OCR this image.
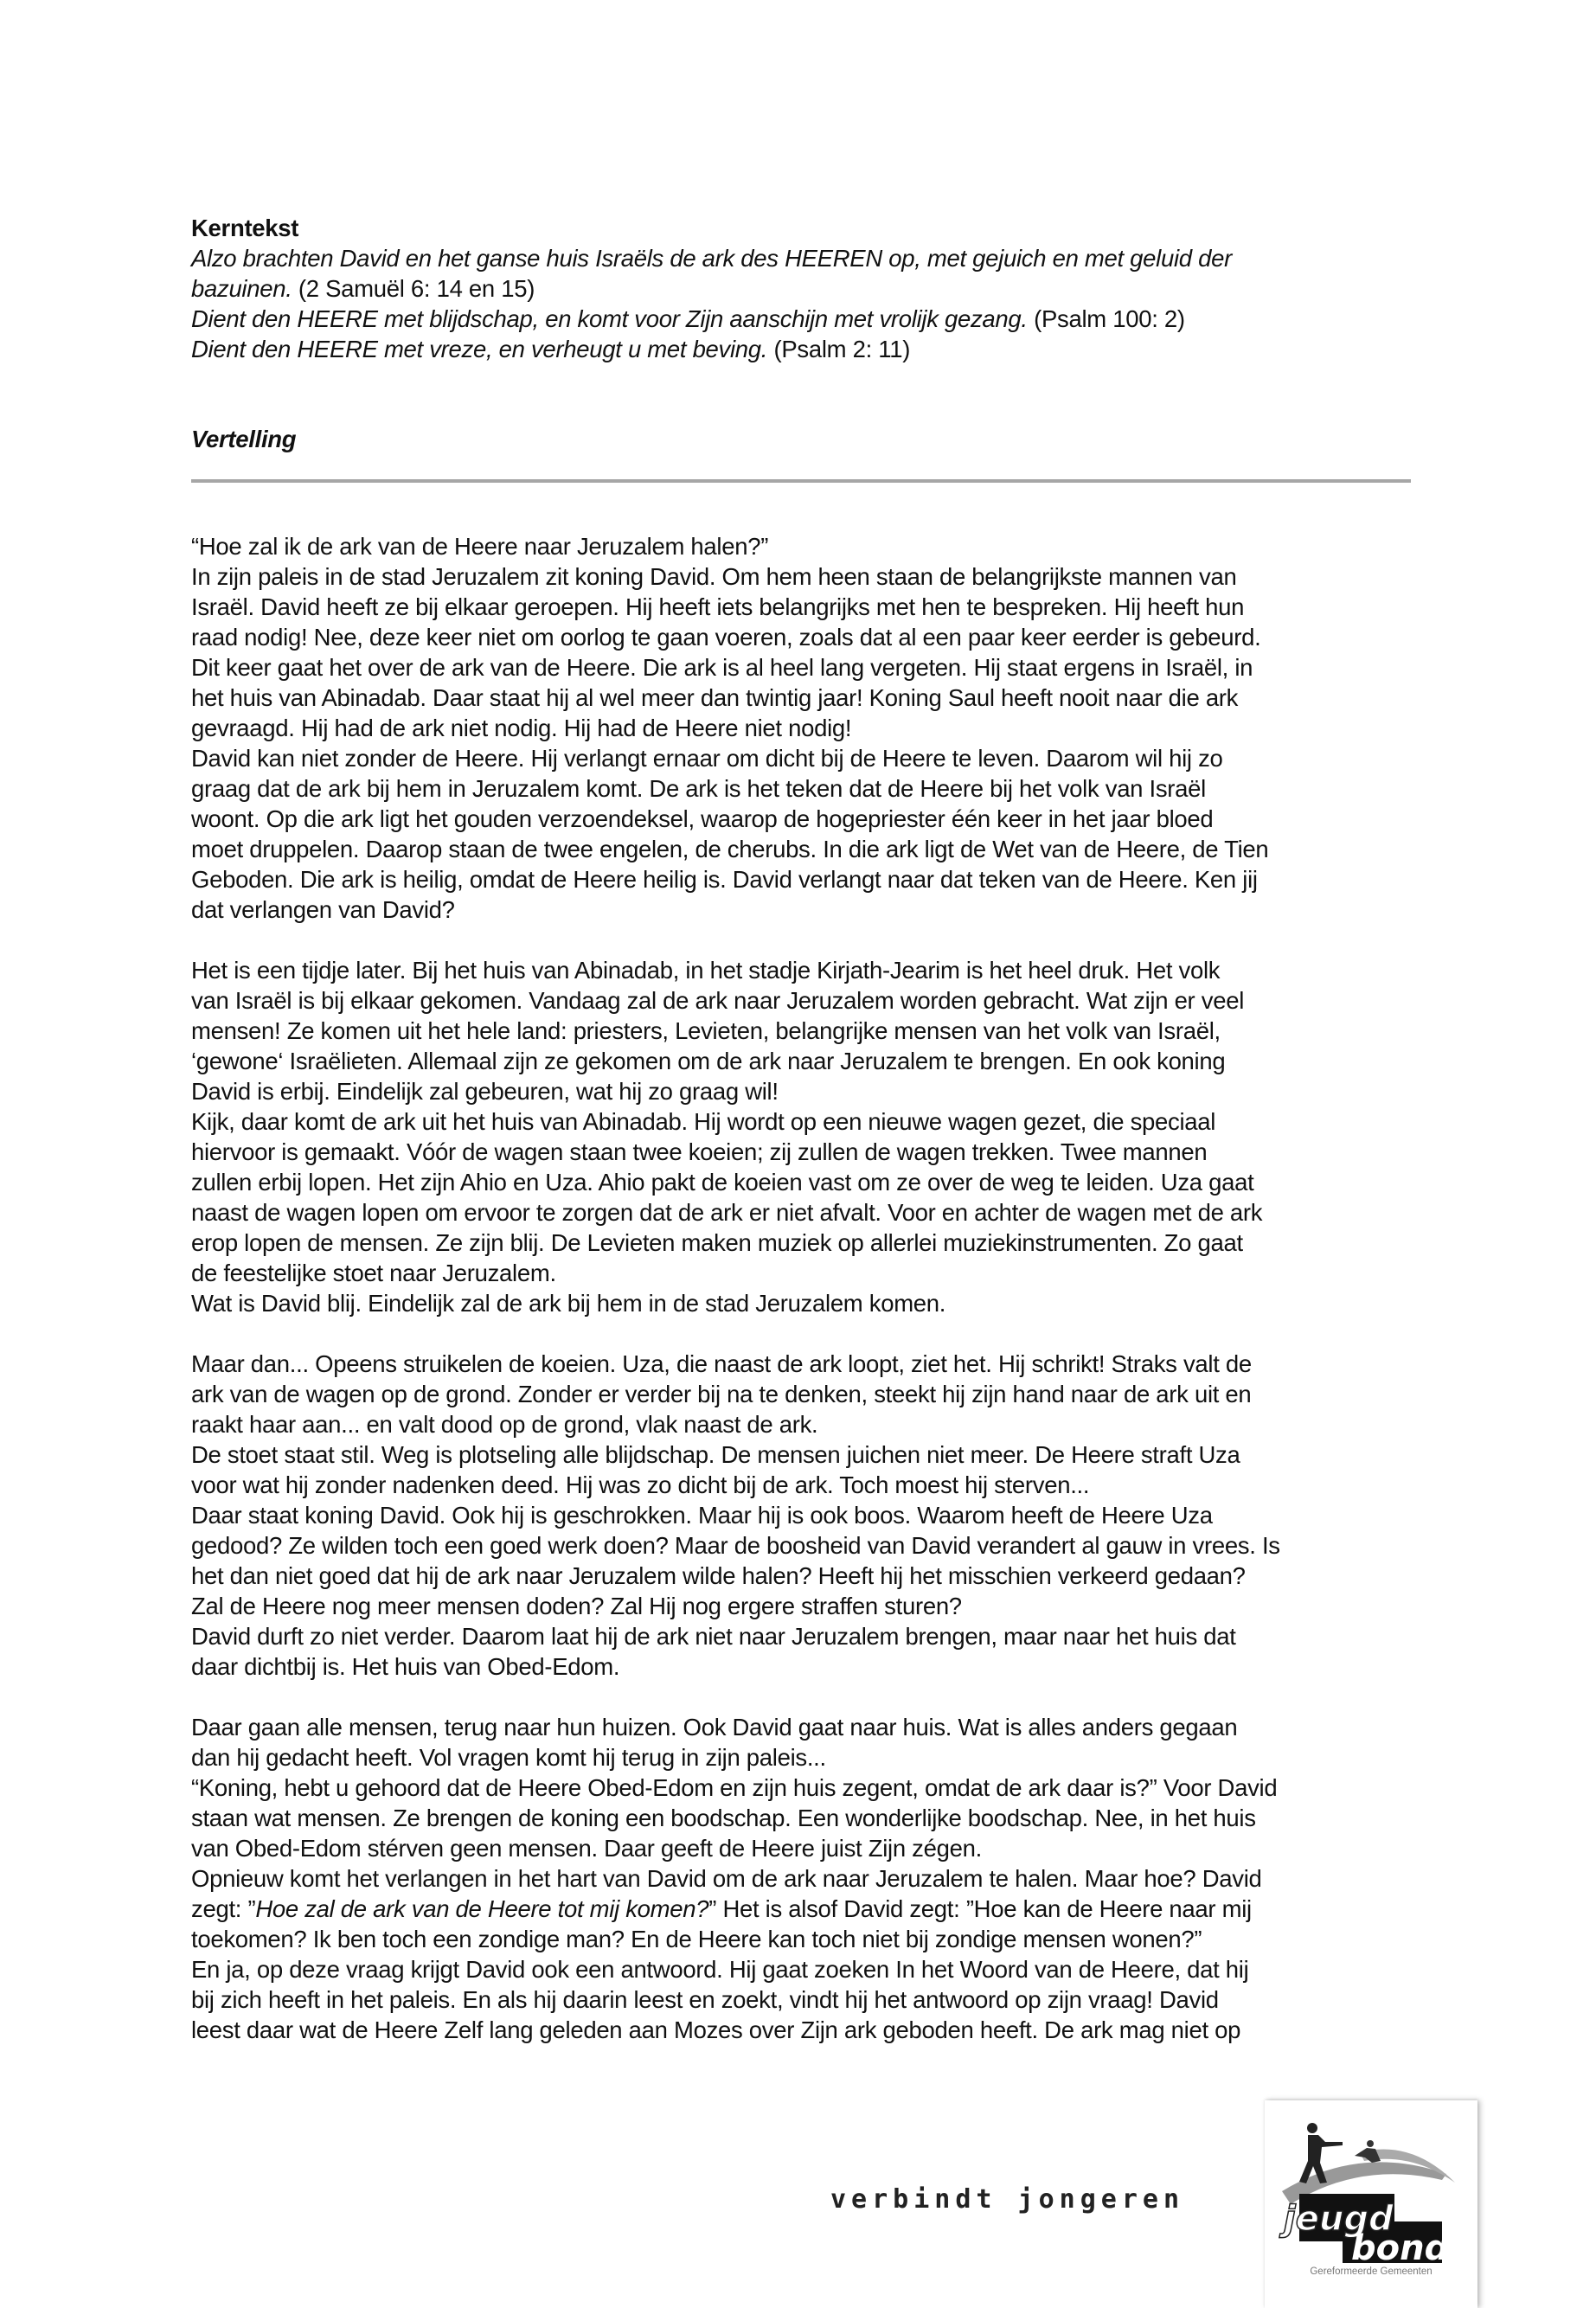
Kerntekst
Alzo brachten David en het ganse huis Israëls de ark des HEEREN op, met gejuich en met geluid der
bazuinen. (2 Samuël 6: 14 en 15)
Dient den HEERE met blijdschap, en komt voor Zijn aanschijn met vrolijk gezang. (Psalm 100: 2)
Dient den HEERE met vreze, en verheugt u met beving. (Psalm 2: 11)
Vertelling
“Hoe zal ik de ark van de Heere naar Jeruzalem halen?”
In zijn paleis in de stad Jeruzalem zit koning David. Om hem heen staan de belangrijkste mannen van
Israël. David heeft ze bij elkaar geroepen. Hij heeft iets belangrijks met hen te bespreken. Hij heeft hun
raad nodig! Nee, deze keer niet om oorlog te gaan voeren, zoals dat al een paar keer eerder is gebeurd.
Dit keer gaat het over de ark van de Heere. Die ark is al heel lang vergeten. Hij staat ergens in Israël, in
het huis van Abinadab. Daar staat hij al wel meer dan twintig jaar! Koning Saul heeft nooit naar die ark
gevraagd. Hij had de ark niet nodig. Hij had de Heere niet nodig!
David kan niet zonder de Heere. Hij verlangt ernaar om dicht bij de Heere te leven. Daarom wil hij zo
graag dat de ark bij hem in Jeruzalem komt. De ark is het teken dat de Heere bij het volk van Israël
woont. Op die ark ligt het gouden verzoendeksel, waarop de hogepriester één keer in het jaar bloed
moet druppelen. Daarop staan de twee engelen, de cherubs. In die ark ligt de Wet van de Heere, de Tien
Geboden. Die ark is heilig, omdat de Heere heilig is. David verlangt naar dat teken van de Heere. Ken jij
dat verlangen van David?
Het is een tijdje later. Bij het huis van Abinadab, in het stadje Kirjath-Jearim is het heel druk. Het volk
van Israël is bij elkaar gekomen. Vandaag zal de ark naar Jeruzalem worden gebracht. Wat zijn er veel
mensen! Ze komen uit het hele land: priesters, Levieten, belangrijke mensen van het volk van Israël,
‘gewone‘ Israëlieten. Allemaal zijn ze gekomen om de ark naar Jeruzalem te brengen. En ook koning
David is erbij. Eindelijk zal gebeuren, wat hij zo graag wil!
Kijk, daar komt de ark uit het huis van Abinadab. Hij wordt op een nieuwe wagen gezet, die speciaal
hiervoor is gemaakt. Vóór de wagen staan twee koeien; zij zullen de wagen trekken. Twee mannen
zullen erbij lopen. Het zijn Ahio en Uza. Ahio pakt de koeien vast om ze over de weg te leiden. Uza gaat
naast de wagen lopen om ervoor te zorgen dat de ark er niet afvalt. Voor en achter de wagen met de ark
erop lopen de mensen. Ze zijn blij. De Levieten maken muziek op allerlei muziekinstrumenten. Zo gaat
de feestelijke stoet naar Jeruzalem.
Wat is David blij. Eindelijk zal de ark bij hem in de stad Jeruzalem komen.
Maar dan... Opeens struikelen de koeien. Uza, die naast de ark loopt, ziet het. Hij schrikt! Straks valt de
ark van de wagen op de grond. Zonder er verder bij na te denken, steekt hij zijn hand naar de ark uit en
raakt haar aan... en valt dood op de grond, vlak naast de ark.
De stoet staat stil. Weg is plotseling alle blijdschap. De mensen juichen niet meer. De Heere straft Uza
voor wat hij zonder nadenken deed. Hij was zo dicht bij de ark. Toch moest hij sterven...
Daar staat koning David. Ook hij is geschrokken. Maar hij is ook boos. Waarom heeft de Heere Uza
gedood? Ze wilden toch een goed werk doen? Maar de boosheid van David verandert al gauw in vrees. Is
het dan niet goed dat hij de ark naar Jeruzalem wilde halen? Heeft hij het misschien verkeerd gedaan?
Zal de Heere nog meer mensen doden? Zal Hij nog ergere straffen sturen?
David durft zo niet verder. Daarom laat hij de ark niet naar Jeruzalem brengen, maar naar het huis dat
daar dichtbij is. Het huis van Obed-Edom.
Daar gaan alle mensen, terug naar hun huizen. Ook David gaat naar huis. Wat is alles anders gegaan
dan hij gedacht heeft. Vol vragen komt hij terug in zijn paleis...
“Koning, hebt u gehoord dat de Heere Obed-Edom en zijn huis zegent, omdat de ark daar is?” Voor David
staan wat mensen. Ze brengen de koning een boodschap. Een wonderlijke boodschap. Nee, in het huis
van Obed-Edom stérven geen mensen. Daar geeft de Heere juist Zijn zégen.
Opnieuw komt het verlangen in het hart van David om de ark naar Jeruzalem te halen. Maar hoe? David
zegt: ”Hoe zal de ark van de Heere tot mij komen?” Het is alsof David zegt: ”Hoe kan de Heere naar mij
toekomen? Ik ben toch een zondige man? En de Heere kan toch niet bij zondige mensen wonen?”
En ja, op deze vraag krijgt David ook een antwoord. Hij gaat zoeken In het Woord van de Heere, dat hij
bij zich heeft in het paleis. En als hij daarin leest en zoekt, vindt hij het antwoord op zijn vraag! David
leest daar wat de Heere Zelf lang geleden aan Mozes over Zijn ark geboden heeft. De ark mag niet op
verbindt jongeren	jeugd
bond
Gereformeerde Gemeenten
